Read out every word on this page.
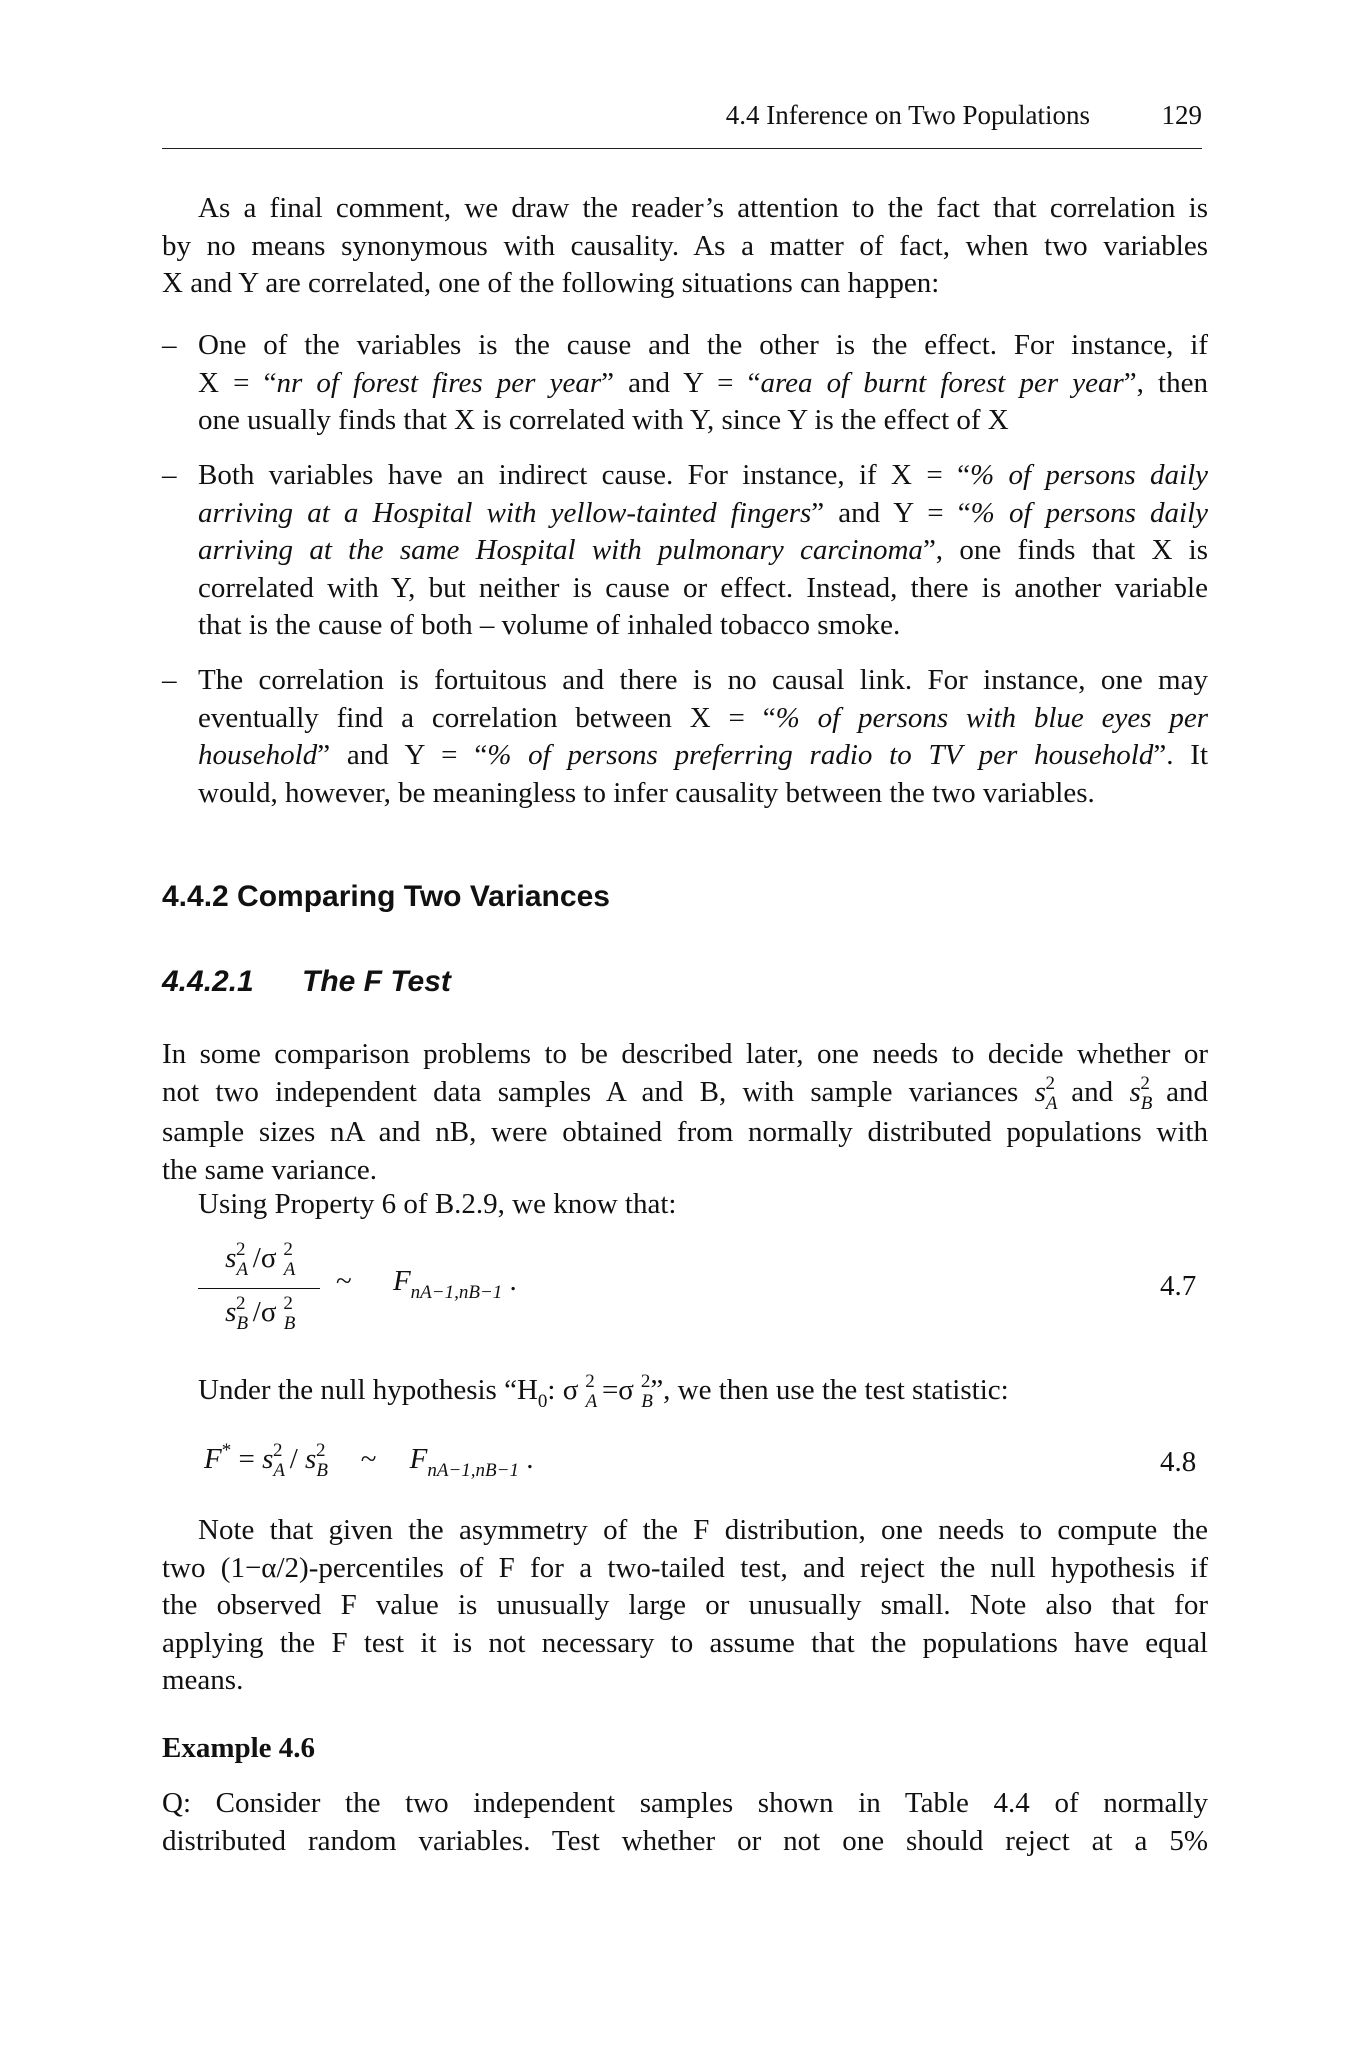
4.4 Inference on Two Populations	129
As a final comment, we draw the reader’s attention to the fact that correlation is
by no means synonymous with causality. As a matter of fact, when two variables
X and Y are correlated, one of the following situations can happen:
– One of the variables is the cause and the other is the effect. For instance, if
X = “nr of forest fires per year” and Y = “area of burnt forest per year”, then
one usually finds that X is correlated with Y, since Y is the effect of X
– Both variables have an indirect cause. For instance, if X = “% of persons daily
arriving at a Hospital with yellow-tainted fingers” and Y = “% of persons daily
arriving at the same Hospital with pulmonary carcinoma”, one finds that X is
correlated with Y, but neither is cause or effect. Instead, there is another variable
that is the cause of both – volume of inhaled tobacco smoke.
– The correlation is fortuitous and there is no causal link. For instance, one may
eventually find a correlation between X = “% of persons with blue eyes per
household” and Y = “% of persons preferring radio to TV per household”. It
would, however, be meaningless to infer causality between the two variables.
4.4.2 Comparing Two Variances
4.4.2.1 The F Test
In some comparison problems to be described later, one needs to decide whether or
not two independent data samples A and B, with sample variances $s_A^2$ and $s_B^2$ and
sample sizes nA and nB, were obtained from normally distributed populations with
the same variance.
Using Property 6 of B.2.9, we know that:
$s_A^2$ /σ $_A^2$
$s_B^2$ /σ $_B^2$
~ $F_{nA-1,nB-1}$ .	4.7
Under the null hypothesis “$H_0$: σ $_A^2$ =σ $_B^2$”, we then use the test statistic:
$F^* = s_A^2 / s_B^2$ ~ $F_{nA-1,nB-1}$ .	4.8
Note that given the asymmetry of the F distribution, one needs to compute the
two (1−α/2)-percentiles of F for a two-tailed test, and reject the null hypothesis if
the observed F value is unusually large or unusually small. Note also that for
applying the F test it is not necessary to assume that the populations have equal
means.
Example 4.6
Q: Consider the two independent samples shown in Table 4.4 of normally
distributed random variables. Test whether or not one should reject at a 5%
